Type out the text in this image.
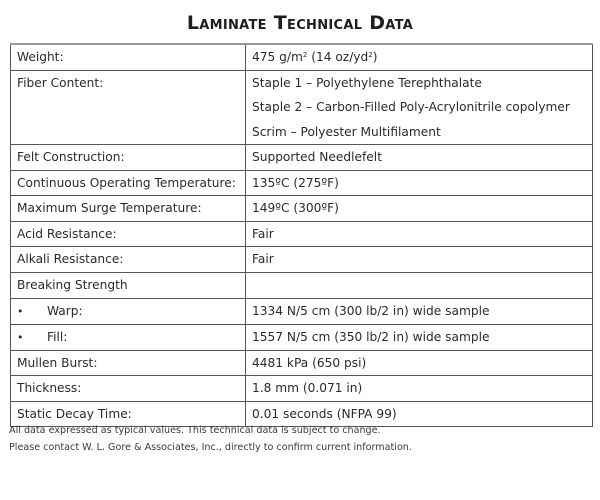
Laminate Technical Data
Weight:	475 $g/m^2$ (14 $oz/yd^2$)
Fiber Content:	Staple 1 – Polyethylene Terephthalate
Staple 2 – Carbon-Filled Poly-Acrylonitrile copolymer
Scrim – Polyester Multifilament

Felt Construction:	Supported Needlefelt
Continuous Operating Temperature:	135ºC (275ºF)
Maximum Surge Temperature:	149ºC (300ºF)
Acid Resistance:	Fair
Alkali Resistance:	Fair
Breaking Strength	
• Warp:	1334 N/5 cm (300 lb/2 in) wide sample
• Fill:	1557 N/5 cm (350 lb/2 in) wide sample
Mullen Burst:	4481 kPa (650 psi)
Thickness:	1.8 mm (0.071 in)
Static Decay Time:	0.01 seconds (NFPA 99)
All data expressed as typical values. This technical data is subject to change.
Please contact W. L. Gore & Associates, Inc., directly to confirm current information.
